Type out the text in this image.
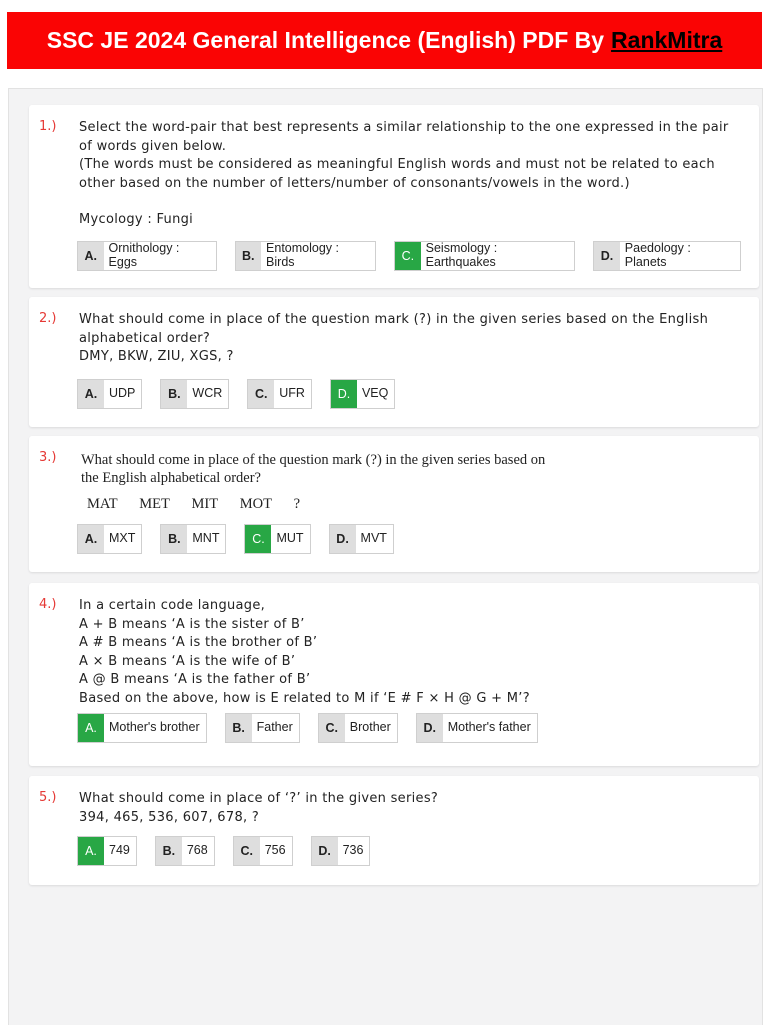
SSC JE 2024 General Intelligence (English) PDF By RankMitra
1.) Select the word-pair that best represents a similar relationship to the one expressed in the pair of words given below.
(The words must be considered as meaningful English words and must not be related to each other based on the number of letters/number of consonants/vowels in the word.)
Mycology : Fungi
A.
Ornithology : Eggs	B.
Entomology : Birds	C.
Seismology : Earthquakes	D.
Paedology : Planets
2.) What should come in place of the question mark (?) in the given series based on the English alphabetical order?
DMY, BKW, ZIU, XGS, ?
A. UDP	B. WCR	C. UFR	D. VEQ
3.) What should come in place of the question mark (?) in the given series based on
the English alphabetical order?
MAT MET MIT MOT ?
A. MXT	B. MNT	C. MUT	D. MVT
4.) In a certain code language,
A + B means ‘A is the sister of B’
A # B means ‘A is the brother of B’
A × B means ‘A is the wife of B’
A @ B means ‘A is the father of B’
Based on the above, how is E related to M if ‘E # F × H @ G + M’?
A. Mother's brother	B. Father	C. Brother	D. Mother's father
5.) What should come in place of ‘?’ in the given series?
394, 465, 536, 607, 678, ?
A. 749	B. 768	C. 756	D. 736
